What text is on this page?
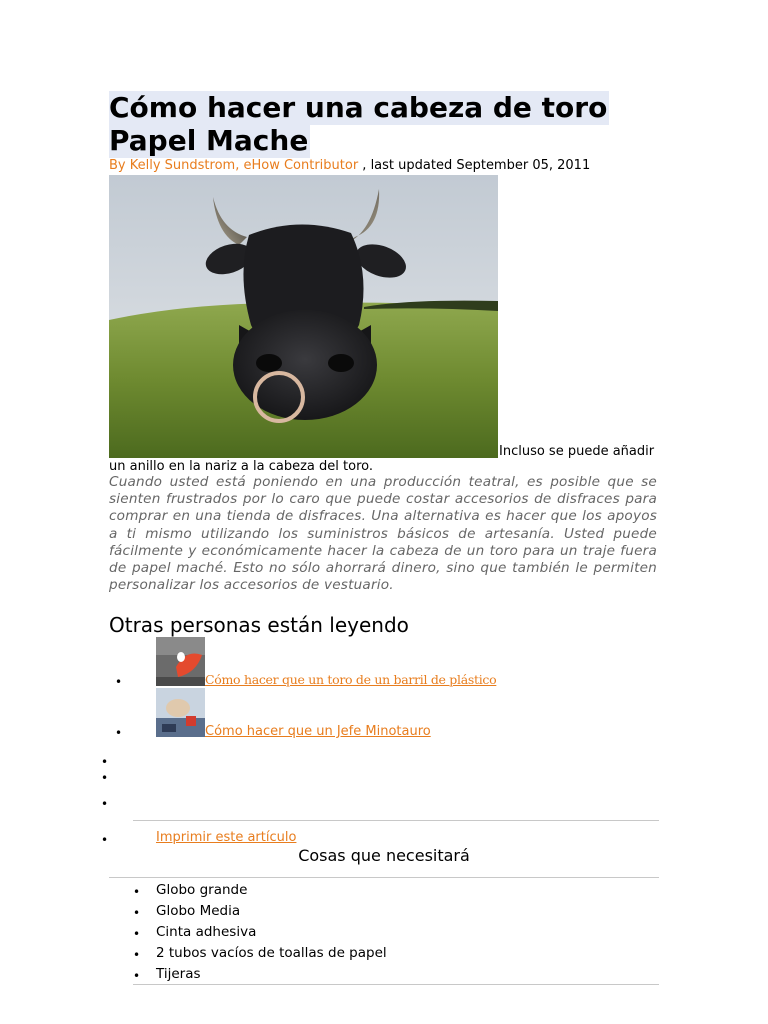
Cómo hacer una cabeza de toro Papel Mache
By Kelly Sundstrom, eHow Contributor , last updated September 05, 2011
Incluso se puede añadir
un anillo en la nariz a la cabeza del toro.

Cuando usted está poniendo en una producción teatral, es posible que se sienten frustrados por lo caro que puede costar accesorios de disfraces para comprar en una tienda de disfraces. Una alternativa es hacer que los apoyos a ti mismo utilizando los suministros básicos de artesanía. Usted puede fácilmente y económicamente hacer la cabeza de un toro para un traje fuera de papel maché. Esto no sólo ahorrará dinero, sino que también le permiten personalizar los accesorios de vestuario.

Otras personas están leyendo
•	Cómo hacer que un toro de un barril de plástico
•	Cómo hacer que un Jefe Minotauro
•
•
•
•	Imprimir este artículo
Cosas que necesitará
• Globo grande
• Globo Media
• Cinta adhesiva
• 2 tubos vacíos de toallas de papel
• Tijeras
